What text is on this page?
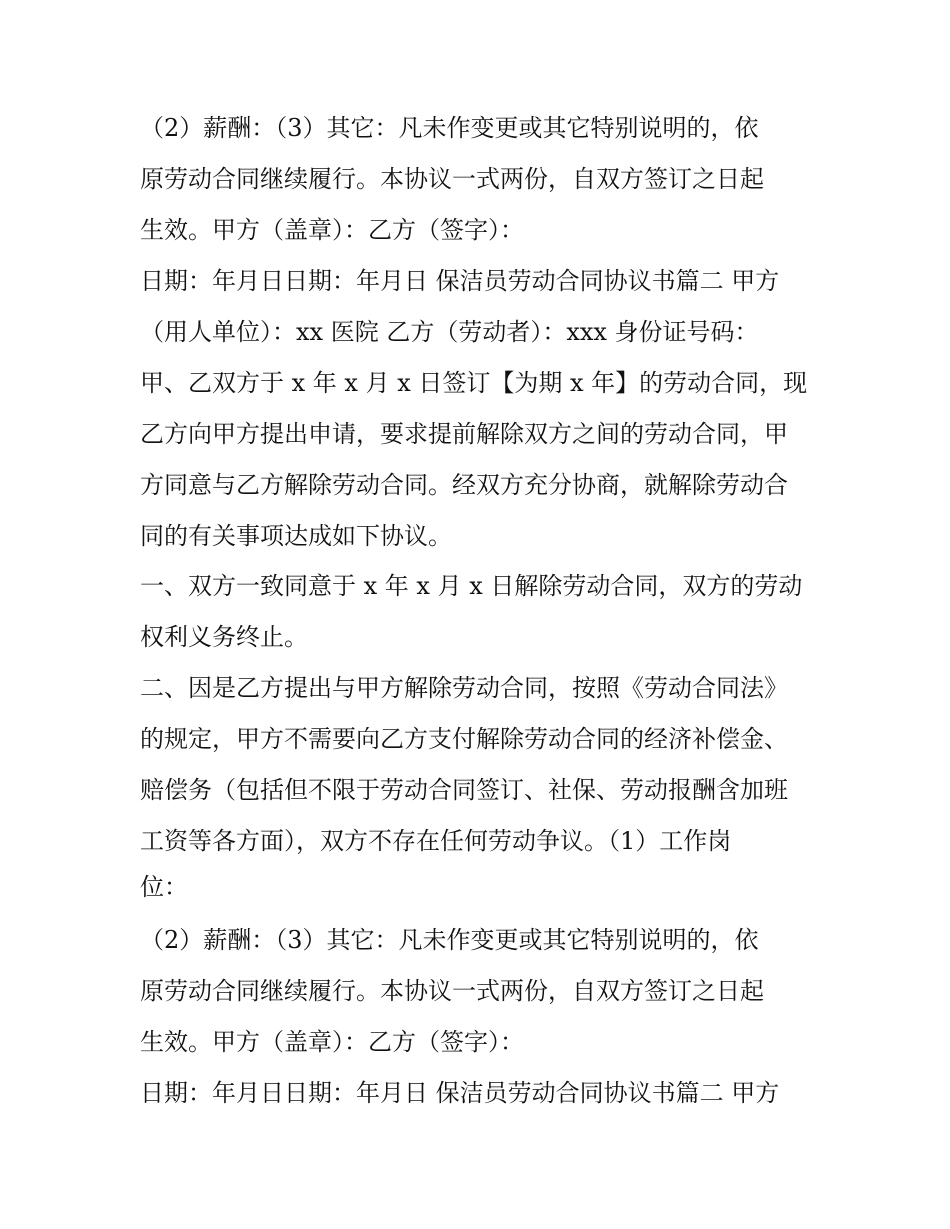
（2）薪酬：（3）其它：凡未作变更或其它特别说明的，依
原劳动合同继续履行。本协议一式两份，自双方签订之日起
生效。甲方（盖章）：乙方（签字）：
日期：年月日日期：年月日 保洁员劳动合同协议书篇二 甲方
（用人单位）：xx 医院 乙方（劳动者）：xxx 身份证号码：
甲、乙双方于 x 年 x 月 x 日签订【为期 x 年】的劳动合同，现
乙方向甲方提出申请，要求提前解除双方之间的劳动合同，甲
方同意与乙方解除劳动合同。经双方充分协商，就解除劳动合
同的有关事项达成如下协议。
一、双方一致同意于 x 年 x 月 x 日解除劳动合同，双方的劳动
权利义务终止。
二、因是乙方提出与甲方解除劳动合同，按照《劳动合同法》
的规定，甲方不需要向乙方支付解除劳动合同的经济补偿金、
赔偿务（包括但不限于劳动合同签订、社保、劳动报酬含加班
工资等各方面），双方不存在任何劳动争议。（1）工作岗
位：
（2）薪酬：（3）其它：凡未作变更或其它特别说明的，依
原劳动合同继续履行。本协议一式两份，自双方签订之日起
生效。甲方（盖章）：乙方（签字）：
日期：年月日日期：年月日 保洁员劳动合同协议书篇二 甲方
